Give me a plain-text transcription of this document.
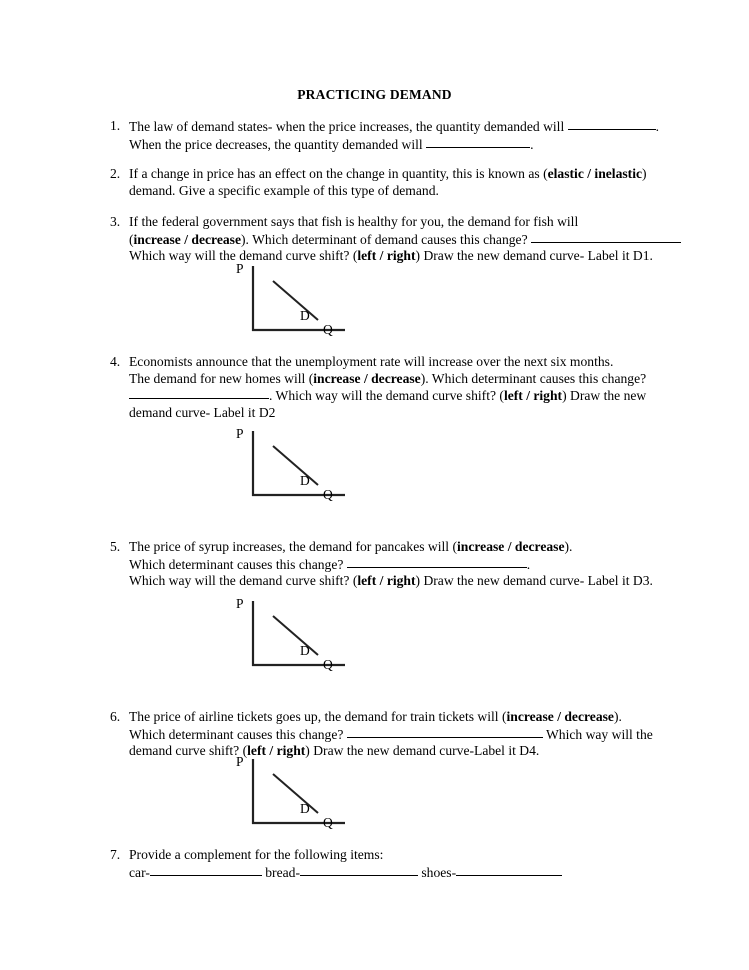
PRACTICING DEMAND
1. The law of demand states- when the price increases, the quantity demanded will	.
When the price decreases, the quantity demanded will	.
2. If a change in price has an effect on the change in quantity, this is known as (elastic / inelastic)
demand. Give a specific example of this type of demand.
3. If the federal government says that fish is healthy for you, the demand for fish will
(increase / decrease). Which determinant of demand causes this change?
Which way will the demand curve shift? (left / right) Draw the new demand curve- Label it D1.
4. Economists announce that the unemployment rate will increase over the next six months.
The demand for new homes will (increase / decrease). Which determinant causes this change?
. Which way will the demand curve shift? (left / right) Draw the new
demand curve- Label it D2
5. The price of syrup increases, the demand for pancakes will (increase / decrease).
Which determinant causes this change?	.
Which way will the demand curve shift? (left / right) Draw the new demand curve- Label it D3.
6. The price of airline tickets goes up, the demand for train tickets will (increase / decrease).
Which determinant causes this change?	Which way will the
demand curve shift? (left / right) Draw the new demand curve-Label it D4.
7. Provide a complement for the following items:
car-	bread-	shoes-
P
Q
D
P
Q
D
P
Q
D
P
Q
D
